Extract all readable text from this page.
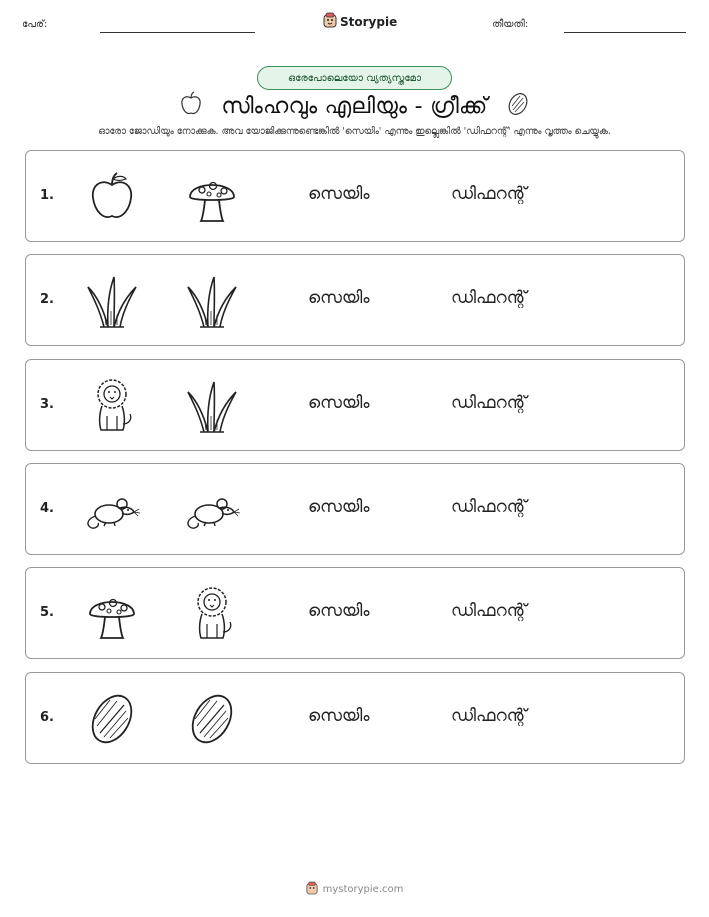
പേര്:	Storypie	തീയതി:
ഒരേപോലെയോ വ്യത്യസ്തമോ
സിംഹവും എലിയും - ഗ്രീക്ക്
ഓരോ ജോഡിയും നോക്കുക. അവ യോജിക്കുന്നുണ്ടെങ്കിൽ 'സെയിം' എന്നും ഇല്ലെങ്കിൽ 'ഡിഫറന്റ്' എന്നും വൃത്തം ചെയ്യുക.
1.	സെയിം	ഡിഫറന്റ്
2.	സെയിം	ഡിഫറന്റ്
3.	സെയിം	ഡിഫറന്റ്
4.	സെയിം	ഡിഫറന്റ്
5.	സെയിം	ഡിഫറന്റ്
6.	സെയിം	ഡിഫറന്റ്
mystorypie.com
